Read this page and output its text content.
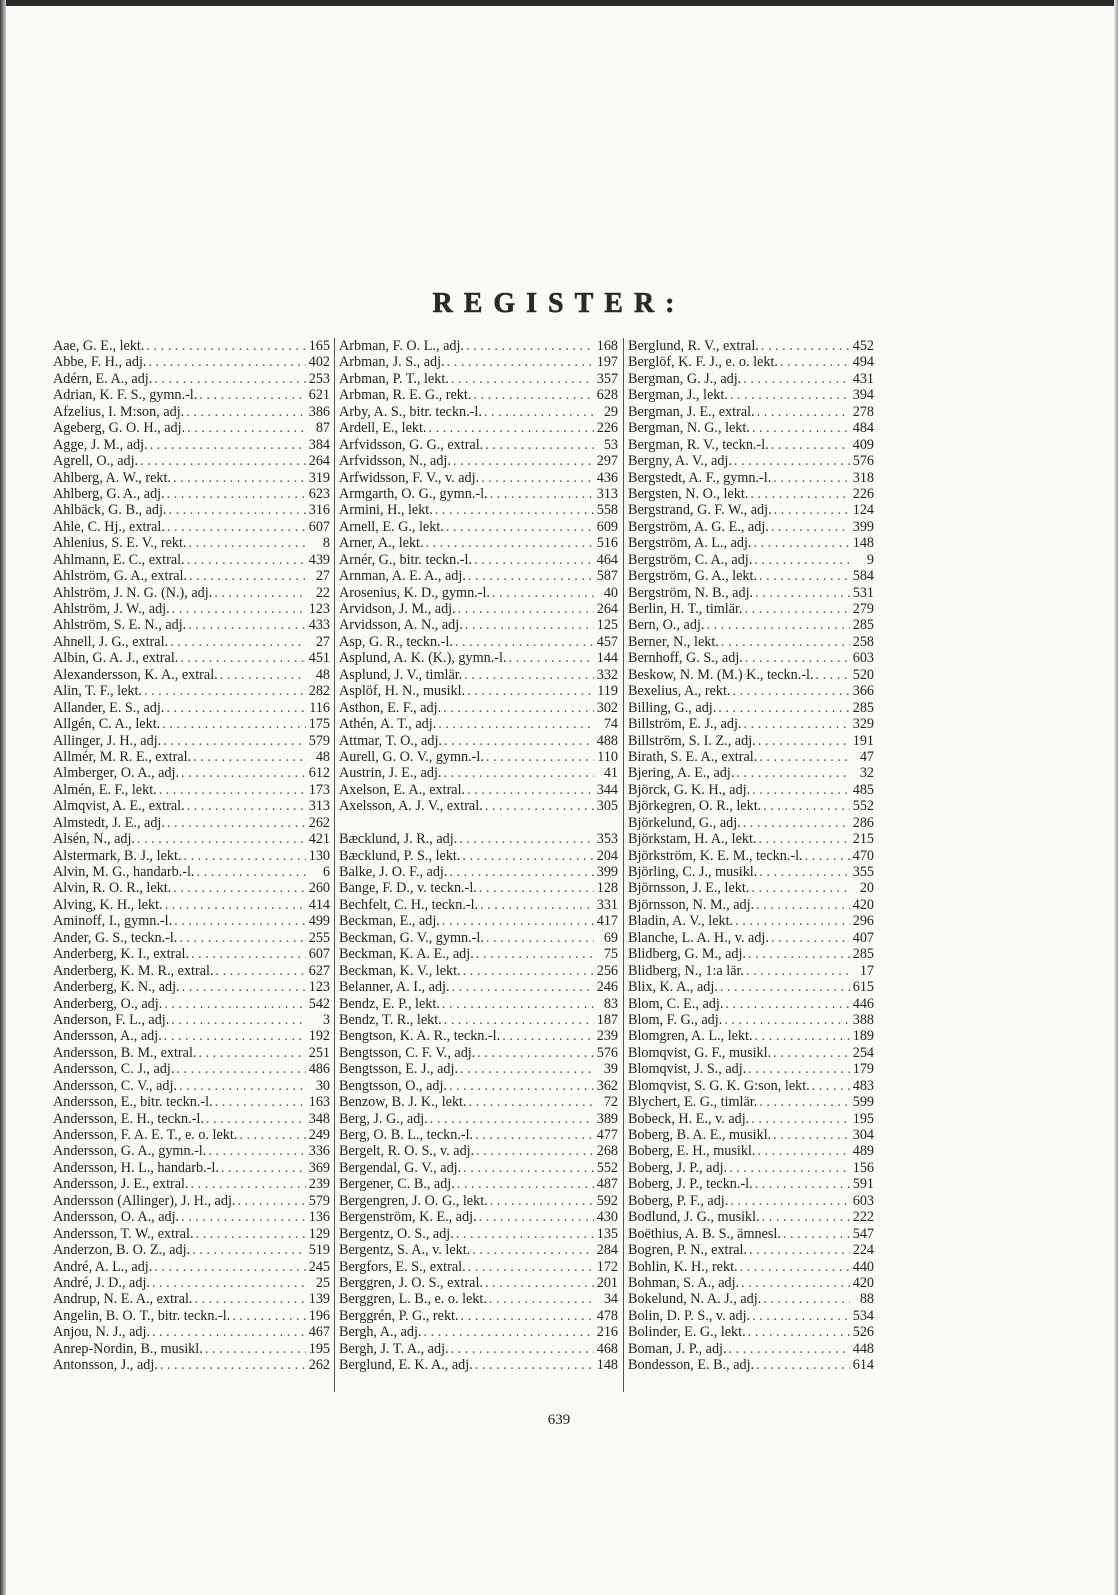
REGISTER:
Aae, G. E., lekt. . . .	165
Abbe, F. H., adj. . . .	402
Adérn, E. A., adj. . . .	253
Adrian, K. F. S., gymn.-l. . . .	621
Afzelius, I. M:son, adj. . . .	386
Ageberg, G. O. H., adj. . . .	87
Agge, J. M., adj. . . .	384
Agrell, O., adj. . . .	264
Ahlberg, A. W., rekt. . . .	319
Ahlberg, G. A., adj. . . .	623
Ahlbäck, G. B., adj. . . .	316
Ahle, C. Hj., extral. . . .	607
Ahlenius, S. E. V., rekt. . . .	8
Ahlmann, E. C., extral. . . .	439
Ahlström, G. A., extral. . . .	27
Ahlström, J. N. G. (N.), adj. . . .	22
Ahlström, J. W., adj. . . .	123
Ahlström, S. E. N., adj. . . .	433
Ahnell, J. G., extral. . . .	27
Albin, G. A. J., extral. . . .	451
Alexandersson, K. A., extral. . . .	48
Alin, T. F., lekt. . . .	282
Allander, E. S., adj. . . .	116
Allgén, C. A., lekt. . . .	175
Allinger, J. H., adj. . . .	579
Allmér, M. R. E., extral. . . .	48
Almberger, O. A., adj. . . .	612
Almén, E. F., lekt. . . .	173
Almqvist, A. E., extral. . . .	313
Almstedt, J. E., adj. . . .	262
Alsén, N., adj. . . .	421
Alstermark, B. J., lekt. . . .	130
Alvin, M. G., handarb.-l. . . .	6
Alvin, R. O. R., lekt. . . .	260
Alving, K. H., lekt. . . .	414
Aminoff, I., gymn.-l. . . .	499
Ander, G. S., teckn.-l. . . .	255
Anderberg, K. I., extral. . . .	607
Anderberg, K. M. R., extral. . . .	627
Anderberg, K. N., adj. . . .	123
Anderberg, O., adj. . . .	542
Anderson, F. L., adj. . . .	3
Andersson, A., adj. . . .	192
Andersson, B. M., extral. . . .	251
Andersson, C. J., adj. . . .	486
Andersson, C. V., adj. . . .	30
Andersson, E., bitr. teckn.-l. . . .	163
Andersson, E. H., teckn.-l. . . .	348
Andersson, F. A. E. T., e. o. lekt. . . .	249
Andersson, G. A., gymn.-l. . . .	336
Andersson, H. L., handarb.-l. . . .	369
Andersson, J. E., extral. . . .	239
Andersson (Allinger), J. H., adj. . . .	579
Andersson, O. A., adj. . . .	136
Andersson, T. W., extral. . . .	129
Anderzon, B. O. Z., adj. . . .	519
André, A. L., adj. . . .	245
André, J. D., adj. . . .	25
Andrup, N. E. A., extral. . . .	139
Angelin, B. O. T., bitr. teckn.-l. . . .	196
Anjou, N. J., adj. . . .	467
Anrep-Nordin, B., musikl. . . .	195
Antonsson, J., adj. . . .	262
Arbman, F. O. L., adj. . . .	168
Arbman, J. S., adj. . . .	197
Arbman, P. T., lekt. . . .	357
Arbman, R. E. G., rekt. . . .	628
Arby, A. S., bitr. teckn.-l. . . .	29
Ardell, E., lekt. . . .	226
Arfvidsson, G. G., extral. . . .	53
Arfvidsson, N., adj. . . .	297
Arfwidsson, F. V., v. adj. . . .	436
Armgarth, O. G., gymn.-l. . . .	313
Armini, H., lekt. . . .	558
Arnell, E. G., lekt. . . .	609
Arner, A., lekt. . . .	516
Arnér, G., bitr. teckn.-l. . . .	464
Arnman, A. E. A., adj. . . .	587
Arosenius, K. D., gymn.-l. . . .	40
Arvidson, J. M., adj. . . .	264
Arvidsson, A. N., adj. . . .	125
Asp, G. R., teckn.-l. . . .	457
Asplund, A. K. (K.), gymn.-l. . . .	144
Asplund, J. V., timlär. . . .	332
Asplöf, H. N., musikl. . . .	119
Asthon, E. F., adj. . . .	302
Athén, A. T., adj. . . .	74
Attmar, T. O., adj. . . .	488
Aurell, G. O. V., gymn.-l. . . .	110
Austrin, J. E., adj. . . .	41
Axelson, E. A., extral. . . .	344
Axelsson, A. J. V., extral. . . .	305
Bæcklund, J. R., adj. . . .	353
Bæcklund, P. S., lekt. . . .	204
Balke, J. O. F., adj. . . .	399
Bange, F. D., v. teckn.-l. . . .	128
Bechfelt, C. H., teckn.-l. . . .	331
Beckman, E., adj. . . .	417
Beckman, G. V., gymn.-l. . . .	69
Beckman, K. A. E., adj. . . .	75
Beckman, K. V., lekt. . . .	256
Belanner, A. I., adj. . . .	246
Bendz, E. P., lekt. . . .	83
Bendz, T. R., lekt. . . .	187
Bengtson, K. A. R., teckn.-l. . . .	239
Bengtsson, C. F. V., adj. . . .	576
Bengtsson, E. J., adj. . . .	39
Bengtsson, O., adj. . . .	362
Benzow, B. J. K., lekt. . . .	72
Berg, J. G., adj. . . .	389
Berg, O. B. L., teckn.-l. . . .	477
Bergelt, R. O. S., v. adj. . . .	268
Bergendal, G. V., adj. . . .	552
Bergener, C. B., adj. . . .	487
Bergengren, J. O. G., lekt. . . .	592
Bergenström, K. E., adj. . . .	430
Bergentz, O. S., adj. . . .	135
Bergentz, S. A., v. lekt. . . .	284
Bergfors, E. S., extral. . . .	172
Berggren, J. O. S., extral. . . .	201
Berggren, L. B., e. o. lekt. . . .	34
Berggrén, P. G., rekt. . . .	478
Bergh, A., adj. . . .	216
Bergh, J. T. A., adj. . . .	468
Berglund, E. K. A., adj. . . .	148
Berglund, R. V., extral. . . .	452
Berglöf, K. F. J., e. o. lekt. . . .	494
Bergman, G. J., adj. . . .	431
Bergman, J., lekt. . . .	394
Bergman, J. E., extral. . . .	278
Bergman, N. G., lekt. . . .	484
Bergman, R. V., teckn.-l. . . .	409
Bergny, A. V., adj. . . .	576
Bergstedt, A. F., gymn.-l. . . .	318
Bergsten, N. O., lekt. . . .	226
Bergstrand, G. F. W., adj. . . .	124
Bergström, A. G. E., adj. . . .	399
Bergström, A. L., adj. . . .	148
Bergström, C. A., adj. . . .	9
Bergström, G. A., lekt. . . .	584
Bergström, N. B., adj. . . .	531
Berlin, H. T., timlär. . . .	279
Bern, O., adj. . . .	285
Berner, N., lekt. . . .	258
Bernhoff, G. S., adj. . . .	603
Beskow, N. M. (M.) K., teckn.-l. . . .	520
Bexelius, A., rekt. . . .	366
Billing, G., adj. . . .	285
Billström, E. J., adj. . . .	329
Billström, S. I. Z., adj. . . .	191
Birath, S. E. A., extral. . . .	47
Bjering, A. E., adj. . . .	32
Björck, G. K. H., adj. . . .	485
Björkegren, O. R., lekt. . . .	552
Björkelund, G., adj. . . .	286
Björkstam, H. A., lekt. . . .	215
Björkström, K. E. M., teckn.-l. . . .	470
Björling, C. J., musikl. . . .	355
Björnsson, J. E., lekt. . . .	20
Björnsson, N. M., adj. . . .	420
Bladin, A. V., lekt. . . .	296
Blanche, L. A. H., v. adj. . . .	407
Blidberg, G. M., adj. . . .	285
Blidberg, N., 1:a lär. . . .	17
Blix, K. A., adj. . . .	615
Blom, C. E., adj. . . .	446
Blom, F. G., adj. . . .	388
Blomgren, A. L., lekt. . . .	189
Blomqvist, G. F., musikl. . . .	254
Blomqvist, J. S., adj. . . .	179
Blomqvist, S. G. K. G:son, lekt. . . .	483
Blychert, E. G., timlär. . . .	599
Bobeck, H. E., v. adj. . . .	195
Boberg, B. A. E., musikl. . . .	304
Boberg, E. H., musikl. . . .	489
Boberg, J. P., adj. . . .	156
Boberg, J. P., teckn.-l. . . .	591
Boberg, P. F., adj. . . .	603
Bodlund, J. G., musikl. . . .	222
Boëthius, A. B. S., ämnesl. . . .	547
Bogren, P. N., extral. . . .	224
Bohlin, K. H., rekt. . . .	440
Bohman, S. A., adj. . . .	420
Bokelund, N. A. J., adj. . . .	88
Bolin, D. P. S., v. adj. . . .	534
Bolinder, E. G., lekt. . . .	526
Boman, J. P., adj. . . .	448
Bondesson, E. B., adj. . . .	614
639
